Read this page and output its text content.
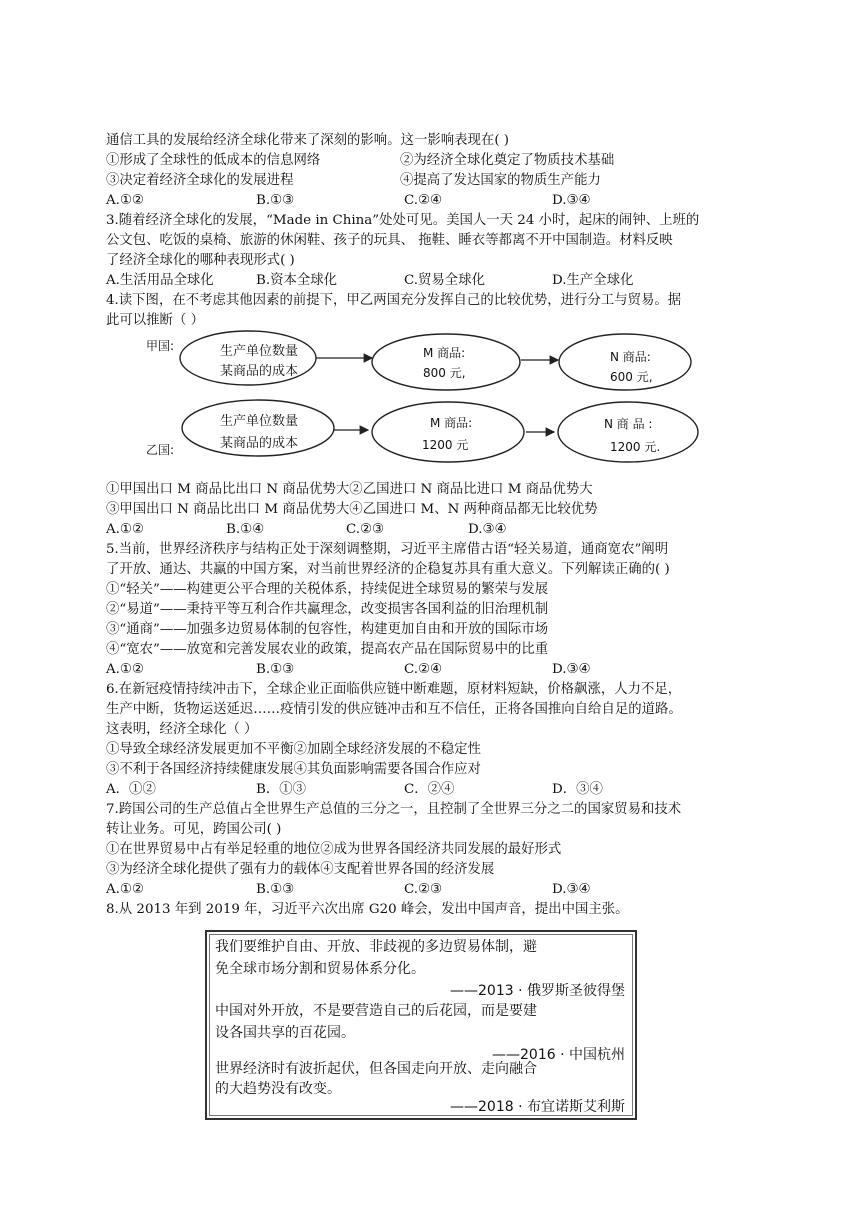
通信工具的发展给经济全球化带来了深刻的影响。这一影响表现在( )
①形成了全球性的低成本的信息网络	②为经济全球化奠定了物质技术基础
③决定着经济全球化的发展进程	④提高了发达国家的物质生产能力
A.①②	B.①③	C.②④	D.③④
3.随着经济全球化的发展，“Made in China”处处可见。美国人一天 24 小时，起床的闹钟、上班的
公文包、吃饭的桌椅、旅游的休闲鞋、孩子的玩具、 拖鞋、睡衣等都离不开中国制造。材料反映
了经济全球化的哪种表现形式( )
A.生活用品全球化	B.资本全球化	C.贸易全球化	D.生产全球化
4.读下图，在不考虑其他因素的前提下，甲乙两国充分发挥自己的比较优势，进行分工与贸易。据
此可以推断（ ）
甲国:	生产单位数量
某商品的成本
M 商品:
800 元,
N 商品:
600 元,
生产单位数量
某商品的成本
乙国:
M 商品:
1200 元
N 商 品 :
1200 元.
①甲国出口 M 商品比出口 N 商品优势大②乙国进口 N 商品比进口 M 商品优势大
③甲国出口 N 商品比出口 M 商品优势大④乙国进口 M、N 两种商品都无比较优势
A.①②	B.①④	C.②③	D.③④
5.当前，世界经济秩序与结构正处于深刻调整期，习近平主席借古语“轻关易道，通商宽农”阐明
了开放、通达、共赢的中国方案，对当前世界经济的企稳复苏具有重大意义。下列解读正确的( )
①“轻关”——构建更公平合理的关税体系，持续促进全球贸易的繁荣与发展
②“易道”——秉持平等互利合作共赢理念，改变损害各国利益的旧治理机制
③“通商”——加强多边贸易体制的包容性，构建更加自由和开放的国际市场
④“宽农”——放宽和完善发展农业的政策，提高农产品在国际贸易中的比重
A.①②	B.①③	C.②④	D.③④
6.在新冠疫情持续冲击下，全球企业正面临供应链中断难题，原材料短缺，价格飙涨，人力不足，
生产中断，货物运送延迟……疫情引发的供应链冲击和互不信任，正将各国推向自给自足的道路。
这表明，经济全球化（ ）
①导致全球经济发展更加不平衡②加剧全球经济发展的不稳定性
③不利于各国经济持续健康发展④其负面影响需要各国合作应对
A．①②	B．①③	C．②④	D．③④
7.跨国公司的生产总值占全世界生产总值的三分之一，且控制了全世界三分之二的国家贸易和技术
转让业务。可见，跨国公司( )
①在世界贸易中占有举足轻重的地位②成为世界各国经济共同发展的最好形式
③为经济全球化提供了强有力的载体④支配着世界各国的经济发展
A.①②	B.①③	C.②③	D.③④
8.从 2013 年到 2019 年，习近平六次出席 G20 峰会，发出中国声音，提出中国主张。
我们要维护自由、开放、非歧视的多边贸易体制，避
免全球市场分割和贸易体系分化。
——2013 · 俄罗斯圣彼得堡
中国对外开放，不是要营造自己的后花园，而是要建
设各国共享的百花园。
——2016 · 中国杭州
世界经济时有波折起伏，但各国走向开放、走向融合
的大趋势没有改变。
——2018 · 布宜诺斯艾利斯
